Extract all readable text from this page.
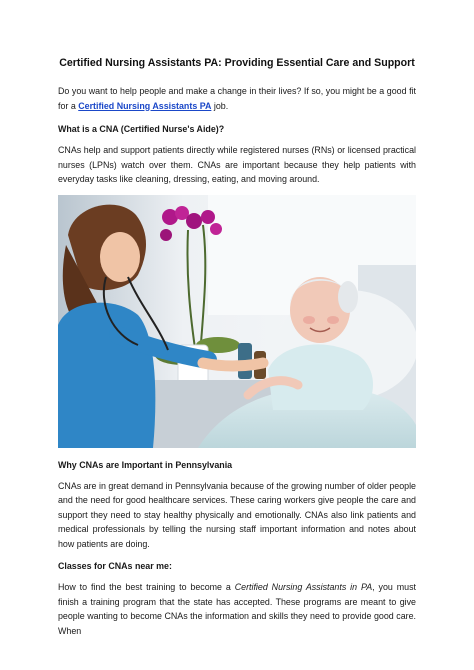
Certified Nursing Assistants PA: Providing Essential Care and Support

Do you want to help people and make a change in their lives? If so, you might be a good fit for a Certified Nursing Assistants PA job.

What is a CNA (Certified Nurse's Aide)?

CNAs help and support patients directly while registered nurses (RNs) or licensed practical nurses (LPNs) watch over them. CNAs are important because they help patients with everyday tasks like cleaning, dressing, eating, and moving around.

Why CNAs are Important in Pennsylvania

CNAs are in great demand in Pennsylvania because of the growing number of older people and the need for good healthcare services. These caring workers give people the care and support they need to stay healthy physically and emotionally. CNAs also link patients and medical professionals by telling the nursing staff important information and notes about how patients are doing.

Classes for CNAs near me:

How to find the best training to become a Certified Nursing Assistants in PA, you must finish a training program that the state has accepted. These programs are meant to give people wanting to become CNAs the information and skills they need to provide good care. When
